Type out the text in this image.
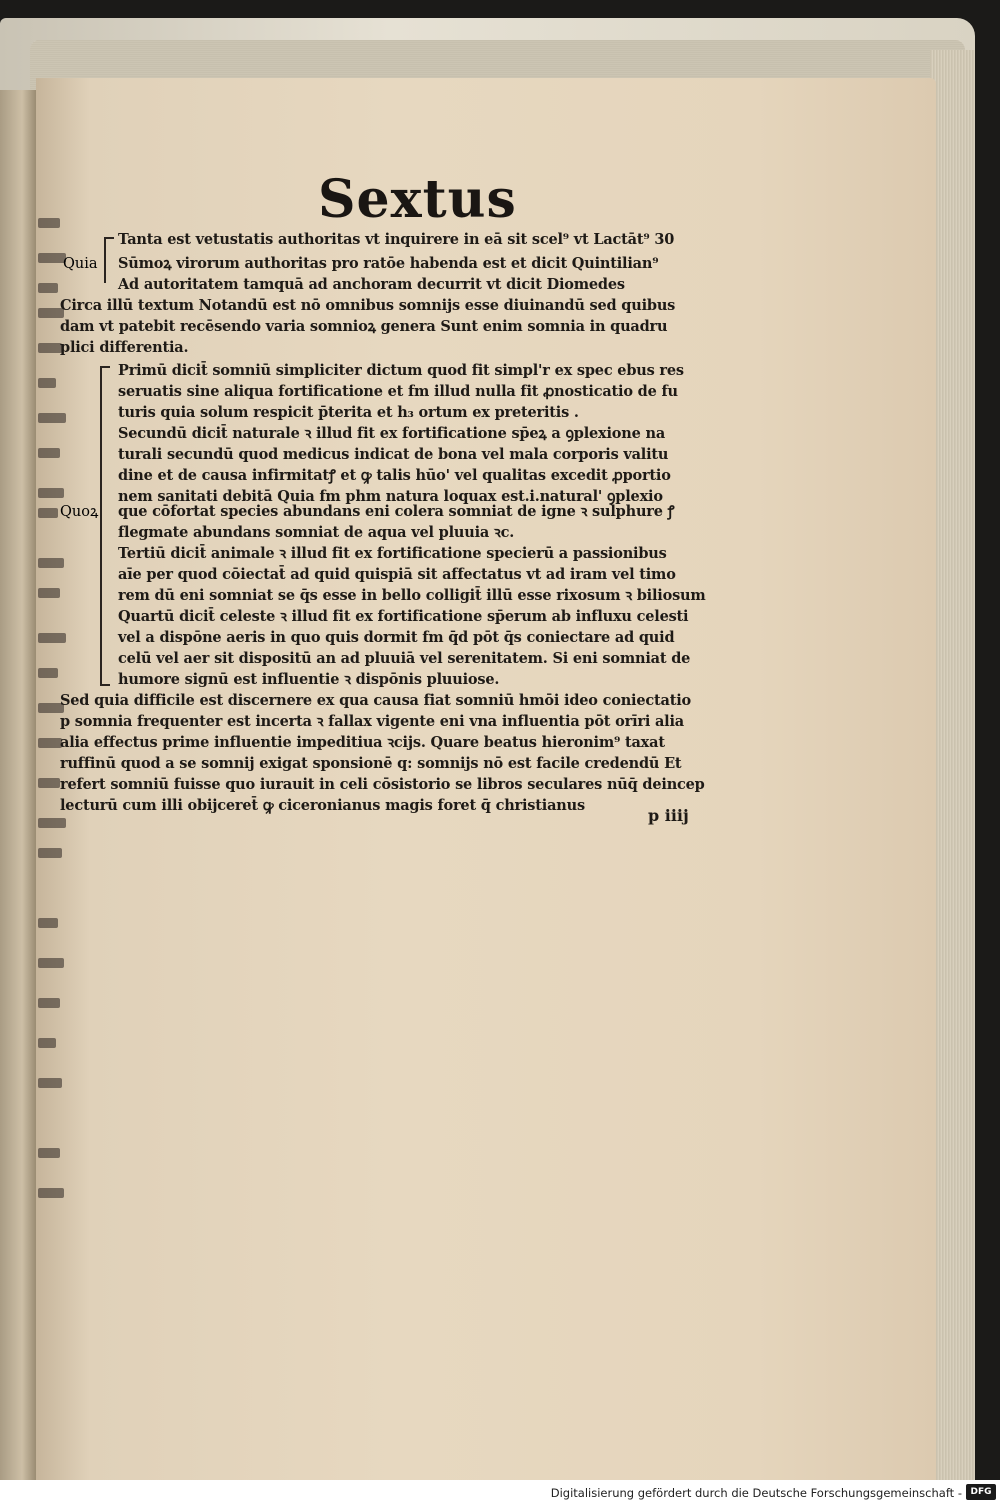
Sextus
Quia
Quoꝝ
Tanta est vetustatis authoritas vt inquirere in eā sit scel⁹ vt Lactāt⁹ 30
Sūmoꝝ virorum authoritas pro ratōe habenda est et dicit Quintilian⁹
Ad autoritatem tamquā ad anchoram decurrit vt dicit Diomedes
Circa illū textum Notandū est nō omnibus somnijs esse diuinandū sed quibus
dam vt patebit recēsendo varia somnioꝝ genera Sunt enim somnia in quadru
plici differentia.
Primū dicit̄ somniū simpliciter dictum quod fit simpl'r ex spec ebus res
seruatis sine aliqua fortificatione et fm illud nulla fit ꝓnosticatio de fu
turis quia solum respicit p̄terita et h₃ ortum ex preteritis .
Secundū dicit̄ naturale ꝛ illud fit ex fortificatione sp̄eꝝ a ꝯplexione na
turali secundū quod medicus indicat de bona vel mala corporis valitu
dine et de causa infirmitatꝭ et ꝙ talis hūo' vel qualitas excedit ꝓportio
nem sanitati debitā Quia fm phm natura loquax est.i.natural' ꝯplexio
que cōfortat species abundans eni colera somniat de igne ꝛ sulphure ꝭ
flegmate abundans somniat de aqua vel pluuia ꝛc.
Tertiū dicit̄ animale ꝛ illud fit ex fortificatione specierū a passionibus
aīe per quod cōiectat̄ ad quid quispiā sit affectatus vt ad iram vel timo
rem dū eni somniat se q̄s esse in bello colligit̄ illū esse rixosum ꝛ biliosum
Quartū dicit̄ celeste ꝛ illud fit ex fortificatione sp̄erum ab influxu celesti
vel a dispōne aeris in quo quis dormit fm q̄d pōt q̄s coniectare ad quid
celū vel aer sit dispositū an ad pluuiā vel serenitatem. Si eni somniat de
humore signū est influentie ꝛ dispōnis pluuiose.
Sed quia difficile est discernere ex qua causa fiat somniū hmōi ideo coniectatio
p somnia frequenter est incerta ꝛ fallax vigente eni vna influentia pōt orīri alia
alia effectus prime influentie impeditiua ꝛcijs. Quare beatus hieronim⁹ taxat
ruffinū quod a se somnij exigat sponsionē q: somnijs nō est facile credendū Et
refert somniū fuisse quo iurauit in celi cōsistorio se libros seculares nūq̄ deincep
lecturū cum illi obijceret̄ ꝙ ciceronianus magis foret q̄ christianus
p iiij
Digitalisierung gefördert durch die Deutsche Forschungsgemeinschaft - DFG
